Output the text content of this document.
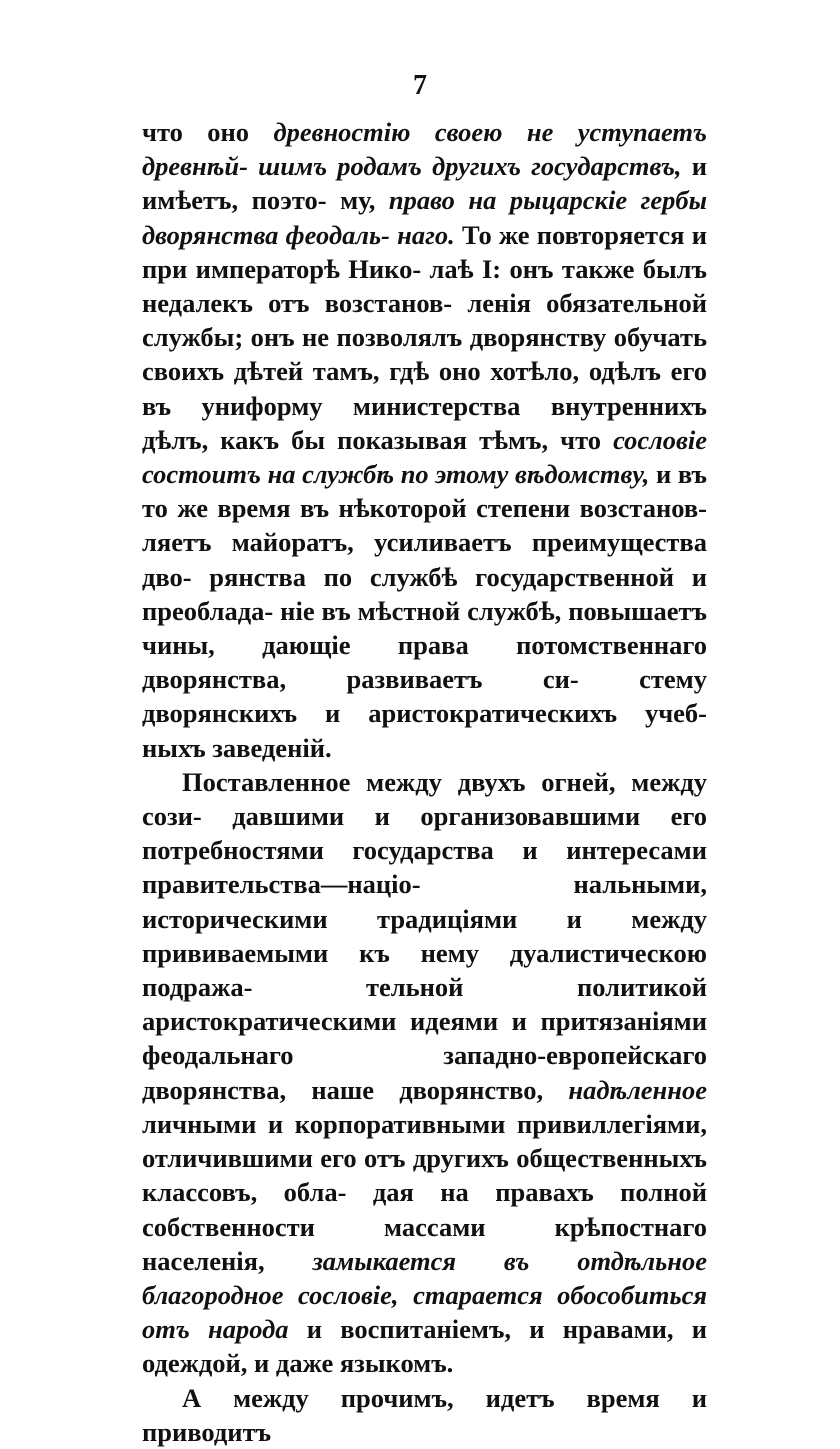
7

что оно древностію своею не уступаетъ древнѣй- шимъ родамъ другихъ государствъ, и имѣетъ, поэто- му, право на рыцарскіе гербы дворянства феодаль- наго. То же повторяется и при императорѣ Нико- лаѣ I: онъ также былъ недалекъ отъ возстанов- ленія обязательной службы; онъ не позволялъ дворянству обучать своихъ дѣтей тамъ, гдѣ оно хотѣло, одѣлъ его въ униформу министерства внутреннихъ дѣлъ, какъ бы показывая тѣмъ, что сословіе состоитъ на службѣ по этому вѣдомству, и въ то же время въ нѣкоторой степени возстанов- ляетъ майоратъ, усиливаетъ преимущества дво- рянства по службѣ государственной и преоблада- ніе въ мѣстной службѣ, повышаетъ чины, дающіе права потомственнаго дворянства, развиваетъ си- стему дворянскихъ и аристократическихъ учеб- ныхъ заведеній.

Поставленное между двухъ огней, между сози- давшими и организовавшими его потребностями государства и интересами правительства—націо- нальными, историческими традиціями и между прививаемыми къ нему дуалистическою подража- тельной политикой аристократическими идеями и притязаніями феодальнаго западно-европейскаго дворянства, наше дворянство, надѣленное личными и корпоративными привиллегіями, отличившими его отъ другихъ общественныхъ классовъ, обла- дая на правахъ полной собственности массами крѣпостнаго населенія, замыкается въ отдѣльное благородное сословіе, старается обособиться отъ народа и воспитаніемъ, и нравами, и одеждой, и даже языкомъ.

А между прочимъ, идетъ время и приводитъ
